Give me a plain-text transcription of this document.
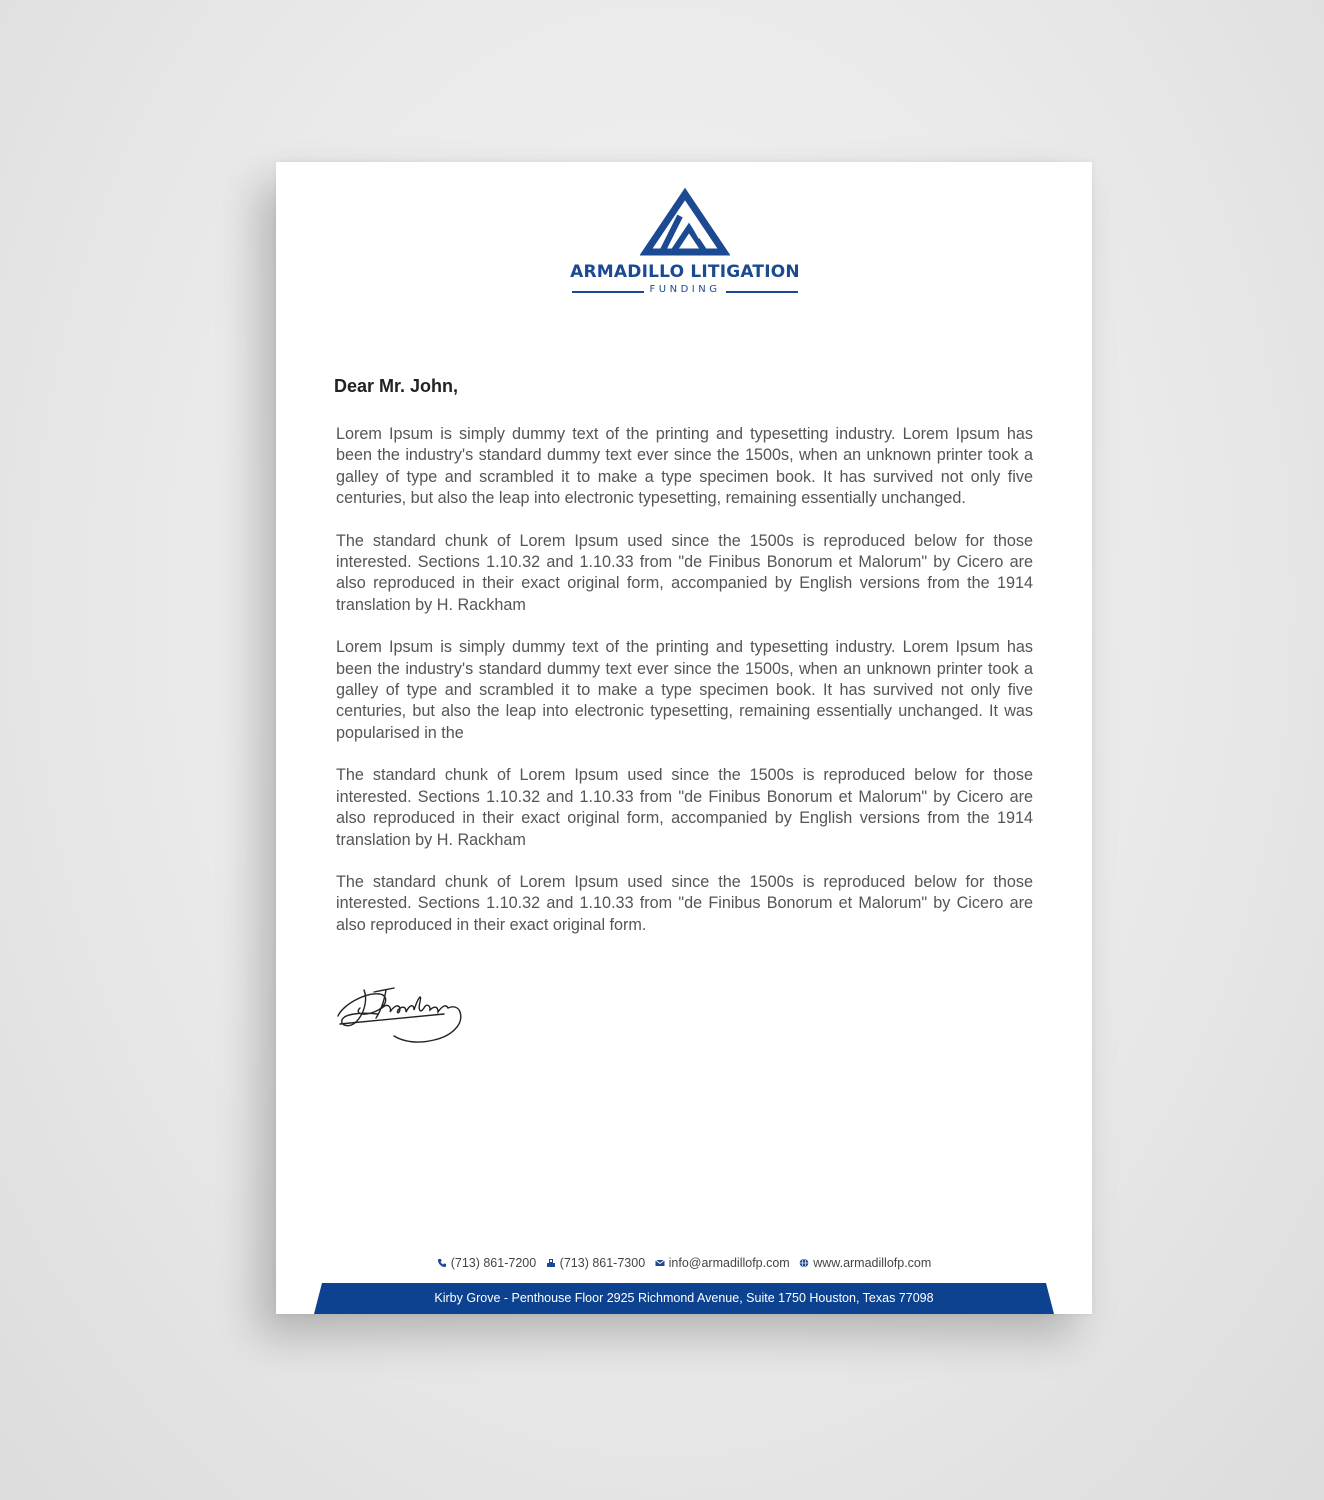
ARMADILLO LITIGATION
FUNDING
Dear Mr. John,

Lorem Ipsum is simply dummy text of the printing and typesetting industry. Lorem Ipsum has been the industry's standard dummy text ever since the 1500s, when an unknown printer took a galley of type and scrambled it to make a type specimen book. It has survived not only five centuries, but also the leap into electronic typesetting, remaining essentially unchanged.

The standard chunk of Lorem Ipsum used since the 1500s is reproduced below for those interested. Sections 1.10.32 and 1.10.33 from "de Finibus Bonorum et Malorum" by Cicero are also reproduced in their exact original form, accompanied by English versions from the 1914 translation by H. Rackham

Lorem Ipsum is simply dummy text of the printing and typesetting industry. Lorem Ipsum has been the industry's standard dummy text ever since the 1500s, when an unknown printer took a galley of type and scrambled it to make a type specimen book. It has survived not only five centuries, but also the leap into electronic typesetting, remaining essentially unchanged. It was popularised in the

The standard chunk of Lorem Ipsum used since the 1500s is reproduced below for those interested. Sections 1.10.32 and 1.10.33 from "de Finibus Bonorum et Malorum" by Cicero are also reproduced in their exact original form, accompanied by English versions from the 1914 translation by H. Rackham

The standard chunk of Lorem Ipsum used since the 1500s is reproduced below for those interested. Sections 1.10.32 and 1.10.33 from "de Finibus Bonorum et Malorum" by Cicero are also reproduced in their exact original form.

(713) 861-7200 (713) 861-7300 info@armadillofp.com www.armadillofp.com
Kirby Grove - Penthouse Floor 2925 Richmond Avenue, Suite 1750 Houston, Texas 77098
